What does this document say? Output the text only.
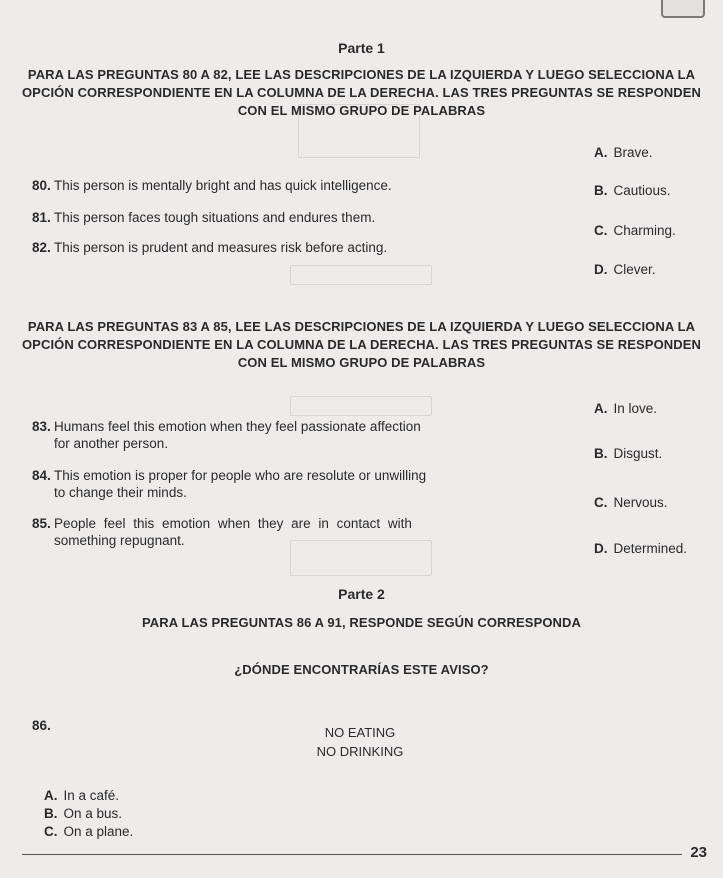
Parte 1
PARA LAS PREGUNTAS 80 A 82, LEE LAS DESCRIPCIONES DE LA IZQUIERDA Y LUEGO SELECCIONA LA
OPCIÓN CORRESPONDIENTE EN LA COLUMNA DE LA DERECHA. LAS TRES PREGUNTAS SE RESPONDEN
CON EL MISMO GRUPO DE PALABRAS
80. This person is mentally bright and has quick intelligence.
81. This person faces tough situations and endures them.
82. This person is prudent and measures risk before acting.
A. Brave.
B. Cautious.
C. Charming.
D. Clever.
PARA LAS PREGUNTAS 83 A 85, LEE LAS DESCRIPCIONES DE LA IZQUIERDA Y LUEGO SELECCIONA LA
OPCIÓN CORRESPONDIENTE EN LA COLUMNA DE LA DERECHA. LAS TRES PREGUNTAS SE RESPONDEN
CON EL MISMO GRUPO DE PALABRAS
83. Humans feel this emotion when they feel passionate affection
for another person.
84. This emotion is proper for people who are resolute or unwilling
to change their minds.
85. People feel this emotion when they are in contact with
something repugnant.
A. In love.
B. Disgust.
C. Nervous.
D. Determined.
Parte 2
PARA LAS PREGUNTAS 86 A 91, RESPONDE SEGÚN CORRESPONDA
¿DÓNDE ENCONTRARÍAS ESTE AVISO?
86.	NO EATING
NO DRINKING
A. In a café.
B. On a bus.
C. On a plane.
23
